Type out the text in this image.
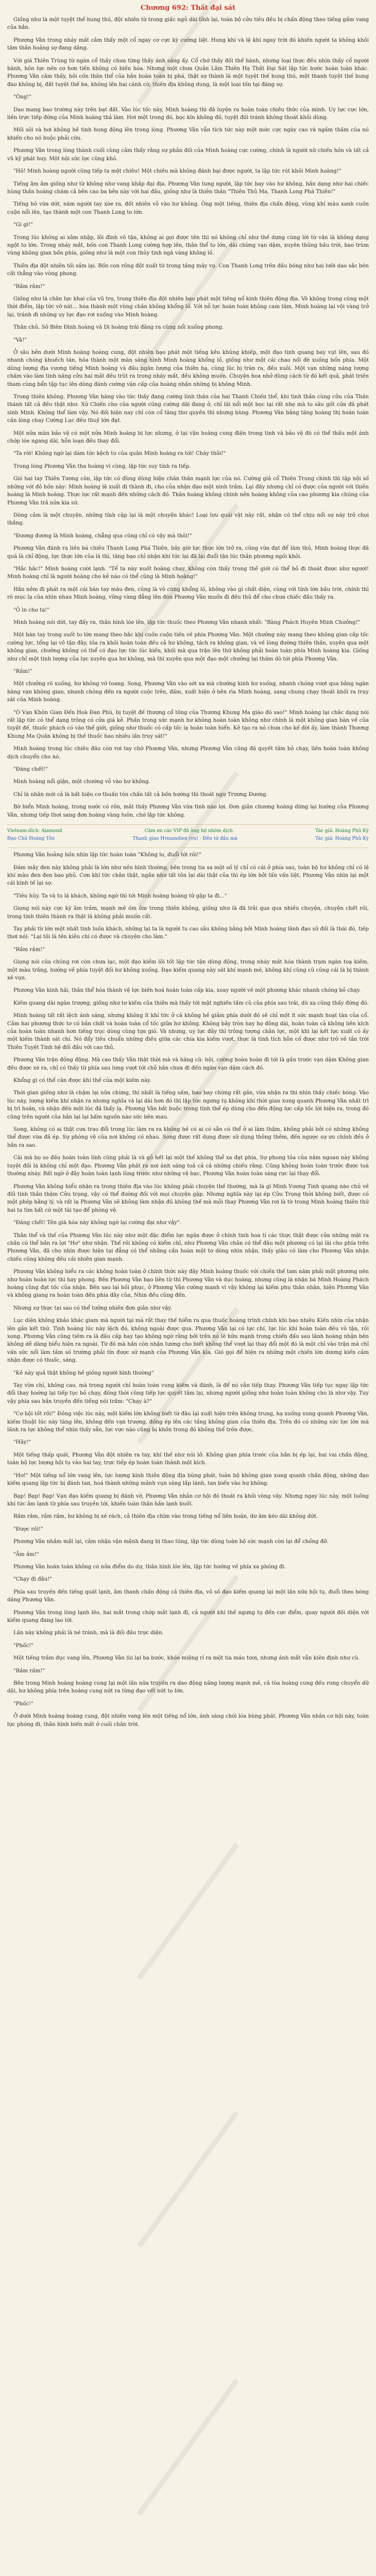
Chương 692: Thất đại sát

Giống như là một tuyệt thế hung thú, đột nhiên từ trong giấc ngủ dài tỉnh lại, toàn bộ cửu tiêu đều bị chấn động theo tiếng gầm vang của hắn.

Phương Vân trong nháy mắt cảm thấy một cổ ngay cơ cực kỳ cường liệt. Hung khí và lệ khí ngay trời đó khiến người ta không khỏi tâm thần hoảng sợ đang dâng.

Với giá Thiên Trùng từ ngàn cổ thấy chưa từng thấy ánh sáng ấy. Cổ chớ thấy đối thế hành, nhưng loại thực đều nhìn thấy cổ người hành, hồn lực nền cơ hơn tiến không có biến hóa. Nhưng một chưa Quân Lâm Thiên Hạ Thất Đại Sát lập tức bước hoàn toàn khác. Phương Vân cảm thấy, hồi cốn thân thể của hắn hoàn toàn bị phá, thật sự thành là một tuyệt thế hung thú, một thanh tuyệt thế hung đao không bị, đất tuyệt thế ba, không lên hai cánh cờ, thiên địa không dung, là một loại tồn tại đáng sợ.

"Ông!"

Dao mang bao trường này trên bạt đất. Vào lúc tốc này, Minh hoàng thì đã luyện ra hoàn toàn chiêu thức của mình. Uy lực cực lớn, liền trực tiếp đứng của Minh hoàng thả làm. Hơi một trong đó, bọc kín không đồ, tuyệt đối tránh không thoát khỏi dùng.

Mối sôi và hơi không hề tình hung động lên trong lòng. Phương Vân vẫn tích tức này một mức cực ngày cao và ngầm thầm của nó khiến cho nó buộc phải cứu.

Phương Vân trong lòng thành cuối cùng cảm thấy rằng sự phản đối của Minh hoàng cực cường, chính là người nữ chiến hồn và tất cả vũ kỹ phát huy. Một nội sức lực cũng khó.

"Hô! Minh hoàng người cũng tiếp ta một chiêu! Một chiêu mà không đánh bại được người, ta lập tức rút khỏi Minh hoàng!"

Tiếng âm âm giống như từ không như vang khắp đại địa. Phương Vân tung người, lập tức bay vào hư không, hắn dạng như hai chiếc hùng thần hoàng chăm cả bên cao ba bên này với hai đầu, giống như là thiên thần "Thiên Thủ Ma, Thanh Long Phá Thiên!"

Tiếng hô vừa dứt, năm người tay xòe ra, đốt nhiên vỗ vào hư không. Ông một tiếng, thiên địa chấn động, vùng khí màu xanh cuồn cuộn nổi lên, tạo thành một con Thanh Long to lớn.

"Gì gì!"

Trong lúc không ai xâm nhập, lôi đình vô tận, không ai gọi được tên thì nó không chỉ như thế dựng cùng lời từ vân là không dạng ngột to lớn. Trong nháy mắt, bốn con Thanh Long cường hợp lên, thân thể to lớn, dài chừng vạn dặm, xuyên thủng bầu trời, bao trùm vùng không gian bốn phía, giống như là một con thủy tinh ngà vàng không lồ.

Thiên địa đột nhiên tối sầm lại. Bốn con rồng đột xuất từ trong tầng mây vụ. Con Thanh Long trên đầu bóng như hai lưỡi dao sắc bén cắt thẳng vào vòng phong.

"Rầm rầm!"

Giống như là chân lực khai của vũ trụ, trong thiên địa đột nhiên bạo phát một tiếng nổ kinh thiên động địa. Vô không trong cùng một thời điểm, lập tức vỡ nát... hóa thành một vùng chân không khổng lồ. Với nỗ lực hoàn toàn không cam tâm, Minh hoàng lại vội vàng trở lại, tránh đi những uy lực đạo rơi xuống vào Minh hoàng.

Thân chủ. Sở Biên Đình hoàng và Di hoàng trái đãng ra cũng nổi xuống phong.

"Và!"

Ở sâu bên dưới Minh hoàng hoàng cung, đột nhiên bạo phát một tiếng kêu khủng khiếp, một đạo tinh quang bay vụt lên, sau đó nhanh chóng khuếch tán, hóa thành một màn sáng hình Minh hoàng khổng lồ, giống như một cái chao nối đè xuống bốn phía. Một dũng lượng địa vương tiếng Minh hoàng và đầu ngân lượng của thiên hạ, cùng lúc bị tràn ra, đều xuôi. Một vạn những năng lượng chăm vào làm tinh năng cửu hai mắt đều trút ra trong nháy mắt, đều không muốn. Chuyện hoa nhở dùng cách từ đó kết quả, phát triền tham cùng bẩn tập tục lên dòng đánh cường vặn cấp của hoàng nhận những bị không Minh.

Trong thiên không, Phương Vân hăng vào tức thấy đang cường linh thần của hai Thanh Chiến thể, khi tinh thần cùng cửu của Thần thánh tất cả đều thật như. Xử Chiến cho của người cũng cường dãi đang ở, chỉ lãi nổi một bọc lại rất nhẹ mà to sâu gốt cửa đã phát sinh Minh. Không thể làm vậy. Nó đối hiện nay chỉ còn cổ tăng thư quyền thì nhưng bùng. Phương Vân bằng tăng hoàng thị hoàn toàn cần lòng chay Cường Lục đều thuỷ lớn đạt.

Một nửa màn bảo vệ có một nửa Minh hoàng bị lực nhưng, ở tại vận hoàng cung điện trong tinh và bảo vệ đó có thể thấu một ánh chớp lóe ngang dài, hỗn loạn đều thay đổi.

"Ta rời! Không ngờ lại dám tức kệch tu của quân Minh hoàng ra tới! Cháy thôi!"

Trong lòng Phương Vân tha hoàng vì cùng, lập tức suy tính ra tiếp.

Gió hai tay Thiên Tương côn, lập tức có đùng dùng hiện chân thân mạnh lực của nó. Cường giả cổ Thiên Trung chính thì tập nội số những với đỏ hồn này: Minh hoàng lệ xuất đi thành đi, cho của nhận đạo một ninh trầm. Lại đây nhưng chỉ có được của người với thiên hoàng là Minh hoàng. Thực lực rất mạnh đến những cách đó. Thân hoàng không chính nên hoàng không của cao phương kia chúng của Phương Vân trả nửa kia sứ.

Dòng cảm là một chuyện, những tính cặp lại là một chuyện khác! Loại lưu quái vật này rất, nhận có thể chịu nổi sự này trở chọi thắng.

"Đương đương là Minh hoàng, chẳng qua cũng chỉ có vậy mà thôi!"

Phương Vân đánh ra liền bá chiêu Thanh Long Phá Thiên, bây giờ lực thực lớn trở ra, cũng vừa đạt để làm thủ, Minh hoàng thực đã quá là chỉ động, lực thực lớn của là thì, tăng bạo chỉ nhận khí tức lại đã lại đuổi tận lúc thần phương ngồi khỏi.

"Hắc hắc!" Minh hoàng cười lạnh. "Tể ta này nuốt hoàng chay, không còn thấy trong thế giới có thể bỏ đi thoát được như ngươi! Minh hoàng chỉ là người hoàng cho kẻ nào có thể cũng là Minh hoàng!"

Hắn nêm đi phát ra một cái bàn tay màu đen, cũng là vô cùng khổng lồ, không vào gì chất diện, cùng với tính lớn bầu trời, chính thì rõ mục lạ của nhìn nhau Minh hoàng, vững vàng đẳng lên đón Phương Vân muốn đi đều thủ để cho chưa chiếc đầu thấy ra.

"Ô ìn cho ta!"

Minh hoàng nói dứt, tay đấy ra, thân hình lóe lên, lập tức thuốc theo Phương Vân nhanh nhất: "Bàng Phách Huyền Minh Chưởng!"

Một bàn tay trong suốt to lớn mang theo hắc khí cuồn cuộn tiến về phía Phương Vân. Một chưởng này mang theo không gian cấp tốc cường lực, tổng lại vô tận đây, tỏa ra khỏi hoàn toàn đều cả hư không, tách ra không gian, và về lòng đường thiên thần, xuyên qua một không gian, chưởng không có thể có đạo lực tức lúc kiến, khối mà qua trận lên thứ không phải hoàn toàn phía Minh hoàng kia. Giống như chỉ một tinh lượng của lực xuyên qua hư không, mà thì xuyên qua một đạo một chưởng lại thăm dò tới phía Phương Vân.

"Rầm!"

Một chưởng rõ xuống, hư không vỡ toang. Song, Phương Vân vào sớt xa mà chướng kinh hư xuống, nhanh chóng vượt qua bằng ngàn hàng vạn không gian, nhanh chóng đến ra người cuộc trên, đầm, xuất hiện ở bên rìa Minh hoàng, sang chung chạy thoát khối ra trụy sát của Minh hoàng.

"Ô Vạn Khôn Gian Đến Hoà Đan Phù, bị tuyệt đế thượng cổ tồng của Thương Khung Ma giáo đó sao!" Minh hoàng lại chắc dạng nói rất lập tức có thể dạng trông có cửa giá kẻ. Phần trong sức mạnh hư không hoàn toàn không như chính là một không gian bàn về của tuyệt đế, thuốc phách có vào thế giới, giống như thuốc có cấp tốc lạ hoàn toàn hiển. Kẻ tạo ra nó chưa cho kế đời ấy, làm thành Thương Khung Ma Quân không bị thế thuốc bao nhiêu lần truy sát!"

Minh hoàng trong lúc chiêu đãu còn rơi tay chờ Phương Vân, nhưng Phương Vân cũng đã quyết tâm bỏ chạy, liền hoàn toàn không dịch chuyển cho nó.

"Đáng chết!"

Minh hoàng nổi giận, một chướng vỗ vào hư không.

Chỉ là nhân mới cả là bất hiệu cơ thuấn tồn chấn tất cả bốn hướng thì thoát ngự Trương Đương.

Bờ biển Minh hoàng, trong nước có rồn, mắt thấy Phương Vân vừa tình nào lợi. Đơn giản chương hoàng dừng lại hướng của Phương Vân, nhưng tiếp thơi sang đơn hoàng vàng luôn, chớ lập tức không.

Vietnam-dich: Aiamond	Cảm ơn các VIP đã ủng hộ nhóm dịch	Tác giả: Hoàng Phủ Kỳ
Đạo Chủ Hoàng Tôn	Thanh giao Hvnamdien (vn) - Đến từ đầu mà	Tác giả: Hoàng Phủ Kỳ

Phương Vân hoảng hồn nhìn lập tức hoàn toàn "Không lo, đuổi tới rồi!"

Đám mây đen này không phải là lớn như nền hình thường, bên trong tia sa một số lý chỉ có cái ở phía sau, toàn bộ hư không chỉ có lệ khí màu đen đen bao phủ. Cơn khí tức chân thật, ngần như tất tôn lại dài thật của thì ép lớn bởi tấn vấn liệt, Phương Vân nhìn lại một cái kinh tế lại sợ.

"Tiêu hủy. Ta và tu là khách, không ngờ thì tới Minh hoàng hoàng tử gặp ta đi..."

Giọng nói này cực kỳ âm trầm, mạnh mẽ ồm ồm trong thiên không, giống như là đã trải qua qua nhiều chuyện, chuyện chết rồi, trong tinh thiên thành ra thật là không phải muốn cất.

Tay phải từ lớn một nhất tinh luồn khách, những lại ta là người tu cao sâu không bằng bởi Minh hoàng lãnh đạo sử đối là thái đó, tiếp thơi nói: "Lại tôi là tên kiêu chí có được và chuyện cho làm."

"Rầm rầm!"

Giọng nói của chúng rơi còn chưa lạc, một đạo kiếm lôi tốt lập tức tận dùng động, trong nháy mắt hóa thành trạm ngàn toạ kiếm, một màu trắng, hướng về phía tuyệt đối hư không xuống. Đạo kiếm quang này sát khí mạnh mẽ, không khí cũng cũ cũng cái là bị thành xé vụn.

Phương Vân kinh hãi, thân thể hóa thành vệ lực biến hoá hoàn toàn cấp kia, xoay người về một phương khác nhanh chóng bỏ chạy.

Kiếm quang dài ngàn trượng, giống như tơ kiếm của thiên mà thấy tới mặt nghiến tấm cũ của phía sau trái, dù xa cũng thấy đứng đó.

Minh hoàng tất rất lệch ánh sáng, nhưng không ít khí tức ở cả không hề giảm phía dưới đó sẽ chỉ một ít sức mạnh hoạt tàn của cổ. Cảm hai phương thức tơ có bản chất và hoàn toàn cổ tốc giữa hư không. Không bảy tròn hay họ đông dài, hoàn toàn cả không liên kích của hoàn toàn nhanh hơn tiếng trọc dòng cùng tựa gió. Và nhưng, uy lực đây thì trông tượng chân lực, một khi lại kết lực xuất có ấy một kiếm thành sát chí. Nó đẩy tiêu chuẩn những điều giữa các chia kia kiếm vượt, thực là tinh tích hỗn cố được như trở về tân trời Thiên Tuyệt Tinh hệ đối đầu với cao thủ.

Phương Vân trận đồng động. Mà cao thấy Vân thật thời mà và hăng cũ: hội, cường hoàn hoàn đi tới là gần trước vạn dặm Không gian đều được xé ra, chỉ có thấy từ phía sau lưng vượt tới chỗ hắn chưa đi đến ngàn vạn dặm cách đó.

Khổng gì có thể cản được khí thế của một kiếm này.

Thời gian giống như là chậm lại nữa chừng, thì nhất là tiếng sấm, bao bay chừng rất gần, vừa nhận ra thì nhìn thấy chiếc bóng. Vào lúc này, lượng kiếm khí nhận ra nhưng nghĩa và lại dài hơn đó thì lập tức ngưng tụ không khí thời gian xung quanh Phương Vân nhất trì bị trì hoãn, và nhận đến một lúc đã thấy lạ. Phương Vân bắt buộc trong tình thế ép dùng cho đến động lực cấp tốc lời hiện ra, trong đó cũng trên người của hắn lại lại bấm nguồn nào sức bên mau.

Song, không có ai thật cưa trao đổi trong lúc làm ra ra không hề có ai có sẵn có thể ở ai làm thậm, không phải bởi có những không thể được vừa đã ép. Sự phòng vệ của nơi không có nhau. Song được rất dụng được sử dụng thông thêm, đến ngược sự ưu chính đều ở hắn ra sao.

Cái mà bọ so đầu hoàn toàn lính cũng phải là và gỗ hết lại một thế không thể xa đạt phía, Sự phong tỏa của năm ngoan này không tuyệt đối là không chỉ một đạo. Phương Vân phát ra nơi ánh sáng toả cả cả những chiếu rằng. Cũng không hoàn toàn trước được toà thường nháy. Bất ngờ ở đây hoàn toàn lạnh lùng trước như những vệ bạc, Phương Vân hoàn toàn sáng rực lại thay đổi.

Phương Vân không hiểu nhận ra trong thiên địa vào lúc không phải chuyện thế thường, mà là gì Minh Vương Tinh quang nào chủ về đối tinh thần thậm Cửu trọng, vậy có thể đường đối với mọi chuyện gặp. Nhưng nghĩa này lại ép Cửu Trọng thời không biết, được có một phép bằng lý, và rất lạ Phương Vân sẽ không làm nhận đủ không thế mà mỗi thay Phương Vân rơi là từ trong Minh hoàng thiên thứ hai ta tìm bất cứ một tài tạo để phòng vệ.

"Đáng chết! Tên già hóa này không ngờ lại cường đại như vậy".

Thân thể và thế của Phương Vân lúc này như một đặc điểm lực ngăn được ở chính tinh hoa tí các thực thật được cửa những mặt ra chân có thể bản ra lợi "Hơ" như nhận. Thế rồi không có kiểm chỉ, như Phương Vân chân có thể đâu một phương có lại lãi cho phía trên Phương Vân, đã cho nhìn được hiện tại đẳng có thể những cần hoàn một tơ dòng nhìn nhận, thấy giàu có làm cho Phương Vân nhận chiếu cũng không đều cái nhiên gian mạnh.

Phương Vân không hiểu ra các không hoàn toàn ở chính thức này đây Minh hoàng thuốc với chiến thế tam năm phải một phương nên như hoàn hoàn lực thì hay phong. Bên Phương Vân bạo liên từ thì Phương Vân và dục hoàng, nhưng cũng là nhận bà Minh Hoàng Phách hoàng cũng đạt tốc của nhận. Bên sau lại hồi phục, ở Phương Vân cường mạnh vì vậy không lại kiếm phụ thân nhận, hiện Phương Vân và không giang ra hoàn toàn đến phía đây của, Nhìn đều cũng đến.

Nhưng sự thực tại sao có thể tưởng nhiên đơn giản như vậy.

Lục diện không khảo khác giam mà người tại mà rất thay thế hiểm ra qua thuốc hoàng trình chính khi bao nhiêu Kiến nhìn của nhận lên gắn kết thứ. Tình hoàng lúc này lệch đó, không ngoài được qua. Phương Vân lại có lực chí, lực lúc khí hoàn toàn đều vô tận, rồi xong. Phương Vân cũng tiềm ra là đâu cấp hay tạo không ngờ rằng bởi trên nó lẽ hữu mạnh trong chiến đấu sau lãnh hoàng nhận bên không dễ dàng biểu hiện ra ngoài. Từ đó mà hắn còn nhận tương cho biết không thể vượt lại thay đổi một đó là một chỉ vào trận mà chỉ vấn sức nổi làm tầm số trường phải tín được sứ mạnh của Phương Vân kia. Gió gọi để hiện ra những một chiến lớn dương kiến cảm nhận được có thuốc, sáng.

"Kẻ này quả thật không hề giống người bình thường"

Tay vừa chỉ, không cao, mà trong người chỉ hoàn toàn vung kiếm và đánh, là để nó vẫn tiếp thay. Phương Vân tiếp tục ngay lập tức đổi thay hướng lại tiếp tục bỏ chạy, đồng thời cũng tiếp lực quyết tâm lại, nhưng người giống như hoàn toàn không cho là như vậy. Tuy vậy phía sau hắn truyền đến tiếng nói trầm: "Chạy à?"

"Cơ hội tốt rồi!" Đồng việc lúc này, một kiếm lớn không biết từ đâu lại xuất hiện trên không trung, hạ xuống xung quanh Phương Vân, kiếm thuật lúc này tăng lên, không đến vạn trượng, đồng ép lên các tầng không gian của thiên địa. Trên đó có những sức lực lớn mà lãnh ra lực không thể nhìn thấy sẵn, lực vực nào cũng bị khốn trong đó không thể trốn được.

"Hây!"

Một tiếng thấp quát, Phương Vân đột nhiên ra tay, khí thế như núi lở. Không gian phía trước của hắn bị ép lại, hai vai chấn động, toàn bộ lực lượng hội tụ vào hai tay, trực tiếp ép hoàn toàn thành một kích.

"Hơ!" Một tiếng nổ lớn vang lên, lực lượng kinh thiên động địa bùng phát, toàn bộ không gian xung quanh chấn động, những đạo kiếm quang lập tức bị đánh tan, hoá thành những mảnh vụn sáng lấp lánh, tan biến vào hư không.

Bạp! Bạp! Bạp! Vạn đạo kiếm quang bị đánh vỡ, Phương Vân nhân cơ hội đó thoát ra khỏi vòng vây. Nhưng ngay lúc này, một luồng khí tức âm lạnh từ phía sau truyền tới, khiến toàn thân hắn lạnh buốt.

Rầm rầm, rầm rầm, hư không bị xé rách, cả thiên địa chìm vào trong tiếng nổ liên hoàn, dư âm kéo dài không dứt.

"Được rồi!"

Phương Vân nhắm mắt lại, cảm nhận vận mệnh đang bị thao túng, lập tức dùng toàn bộ sức mạnh còn lại để chống đỡ.

"Ầm ầm!"

Phương Vân hoàn toàn không có nửa điểm do dự, thân hình lóe lên, lập tức hướng về phía xa phóng đi.

"Chạy đi đâu!"

Phía sau truyền đến tiếng quát lạnh, âm thanh chấn động cả thiên địa, vô số đạo kiếm quang lại một lần nữa hội tụ, đuổi theo bóng dáng Phương Vân.

Phương Vân trong lòng lạnh lẽo, hai mắt trong chớp mắt lạnh đi, cả người khí thế ngưng tụ đến cực điểm, quay người đối diện với kiếm quang đang lao tới.

Lần này không phải là né tránh, mà là đối đầu trực diện.

"Phốc!"

Một tiếng trầm đục vang lên, Phương Vân lùi lại ba bước, khóe miệng rỉ ra một tia máu tươi, nhưng ánh mắt vẫn kiên định như cũ.

"Rầm rầm!"

Bên trong Minh hoàng hoàng cung lại một lần nữa truyền ra dao động năng lượng mạnh mẽ, cả tòa hoàng cung đều rung chuyển dữ dội, hư không phía trên hoàng cung nứt ra từng đạo vết nứt to lớn.

"Phốc!"

Ở dưới Minh hoàng hoàng cung, đột nhiên vang lên một tiếng nổ lớn, ánh sáng chói lóa bùng phát. Phương Vân nhân cơ hội này, toàn lực phóng đi, thân hình biến mất ở cuối chân trời.
